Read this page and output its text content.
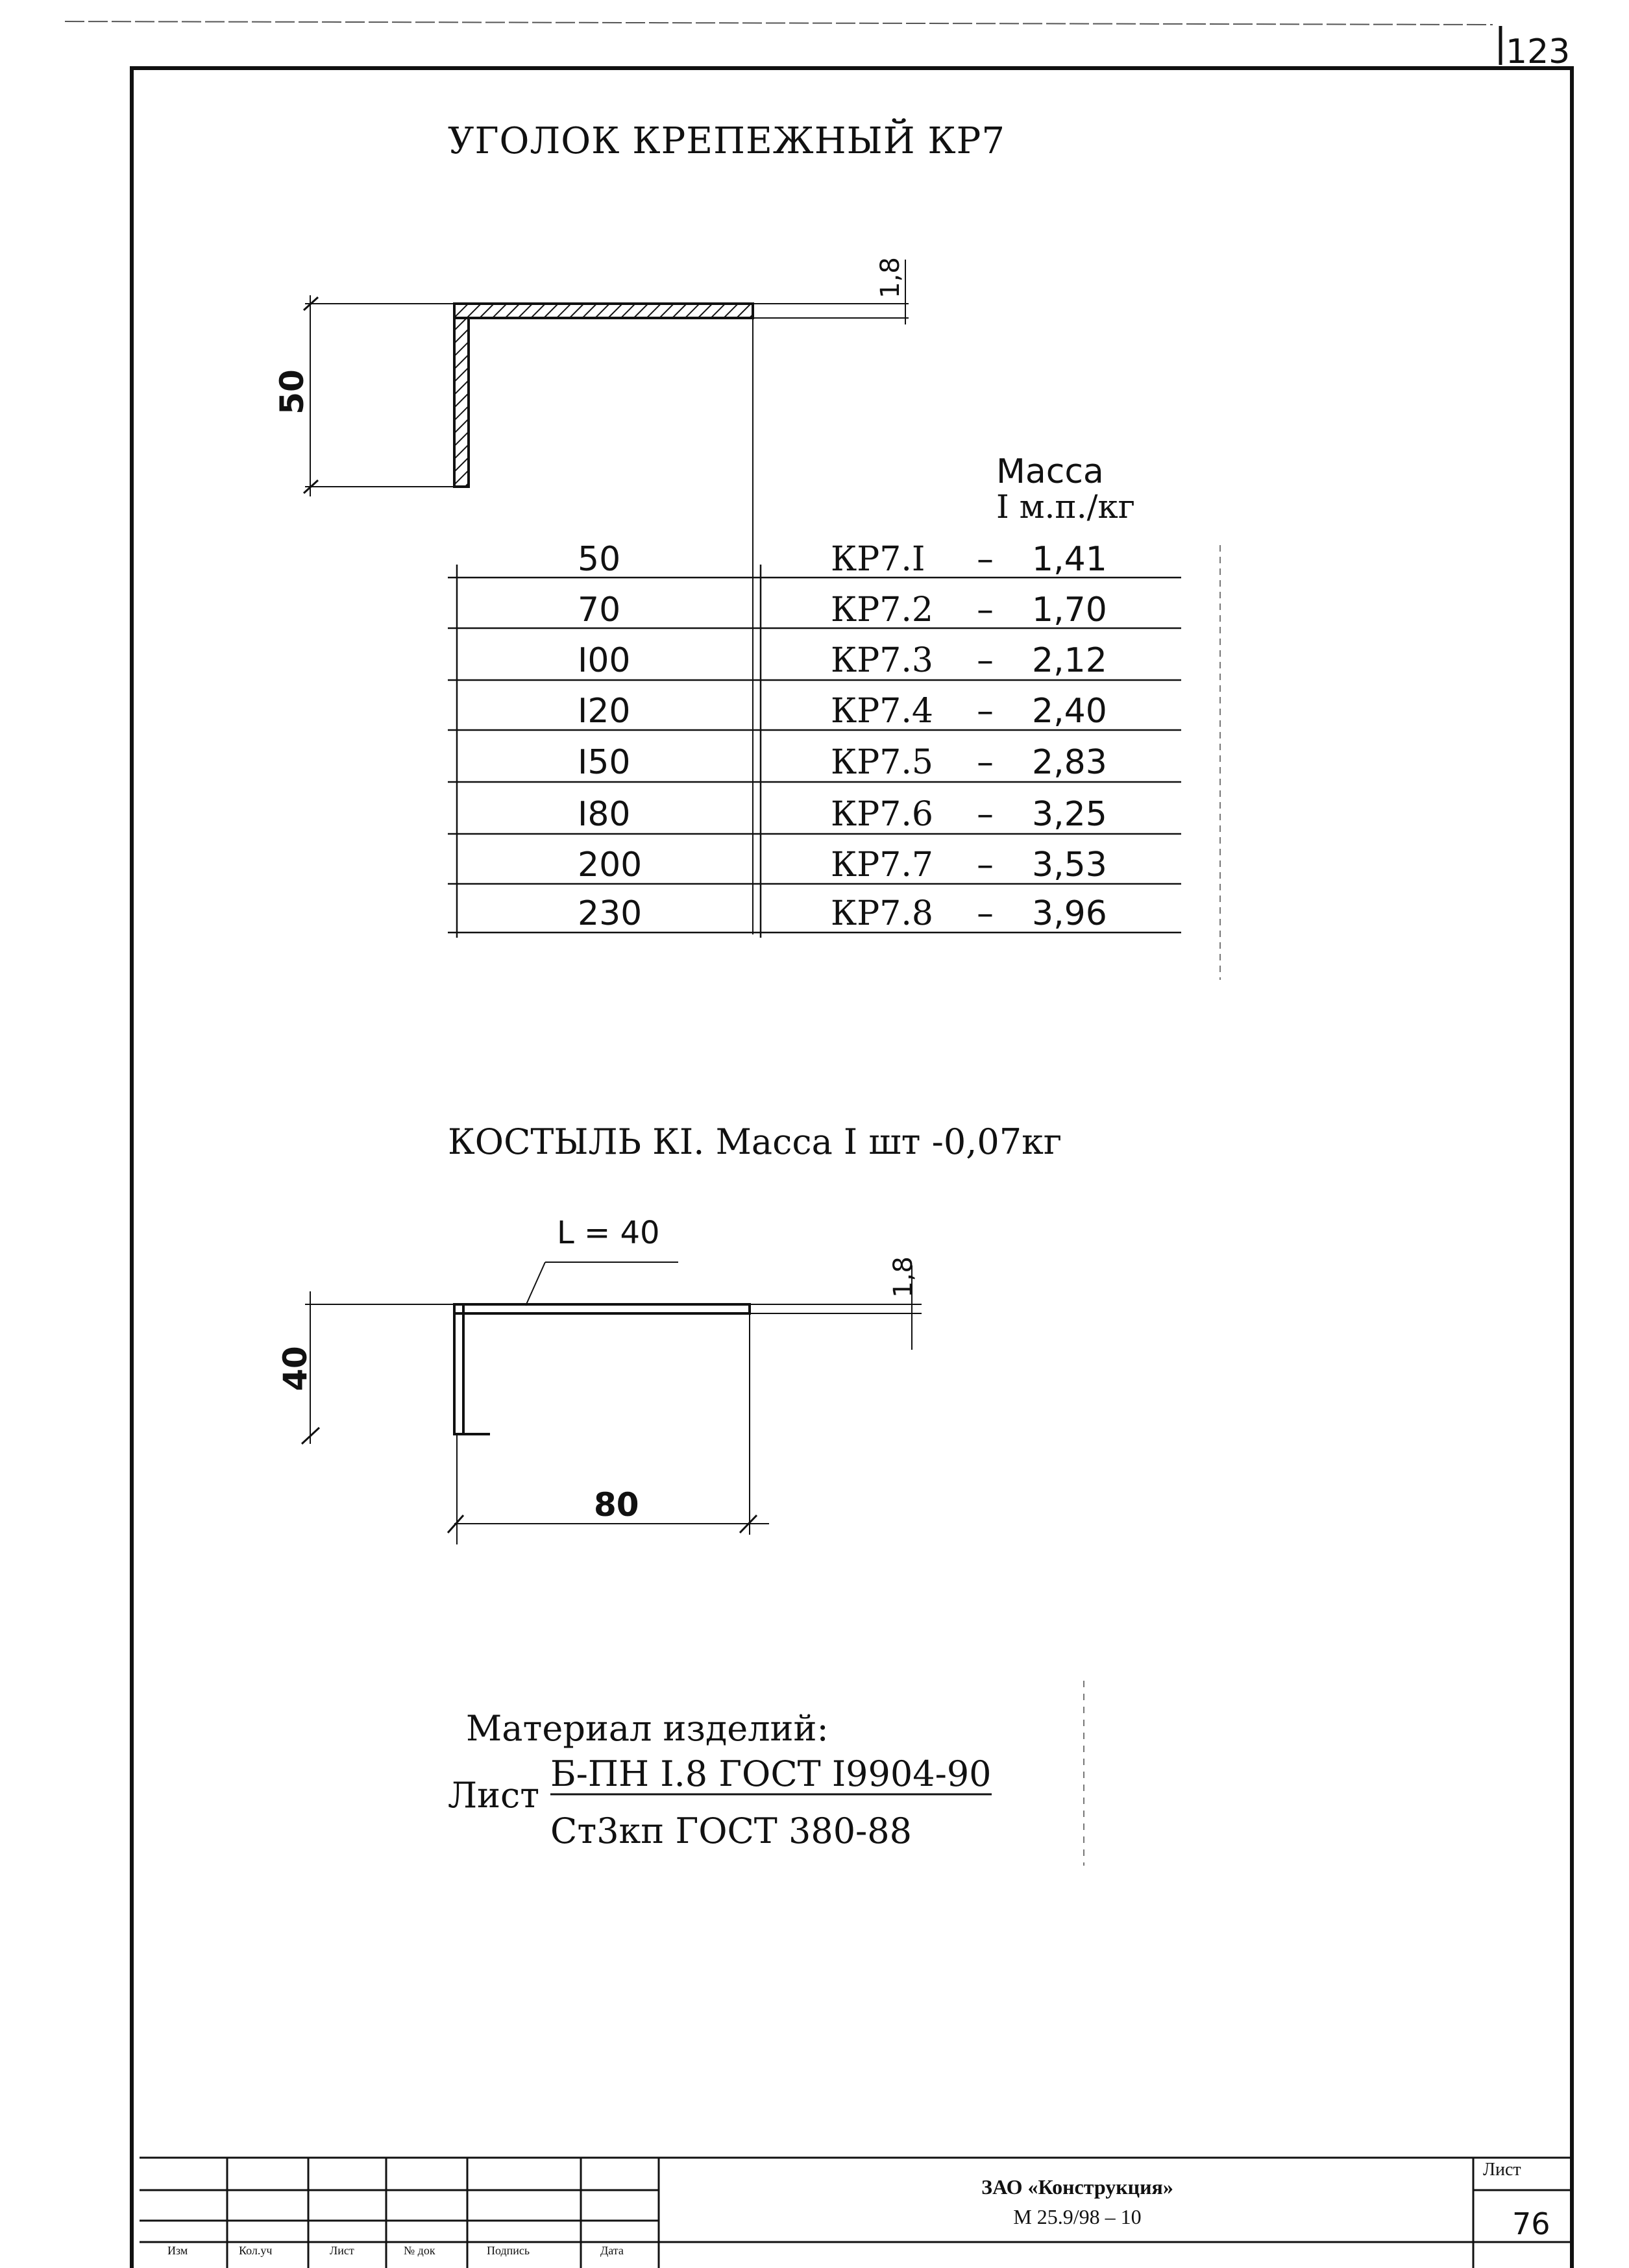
123
УГОЛОК КРЕПЕЖНЫЙ КР7
50
1,8
Масса
I м.п./кг
50	КР7.I – 1,41
70	КР7.2 – 1,70
I00	КР7.3 – 2,12
I20	КР7.4 – 2,40
I50	КР7.5 – 2,83
I80	КР7.6 – 3,25
200	КР7.7 – 3,53
230	КР7.8 – 3,96
КОСТЫЛЬ КI. Масса I шт -0,07кг
L = 40
1,8
40
80
Материал изделий:
Лист
Б-ПН I.8 ГОСТ I9904-90
Ст3кп ГОСТ 380-88
ЗАО «Конструкция»
М 25.9/98 – 10
Лист
76
Изм	Кол.уч	Лист	№ док	Подпись	Дата
